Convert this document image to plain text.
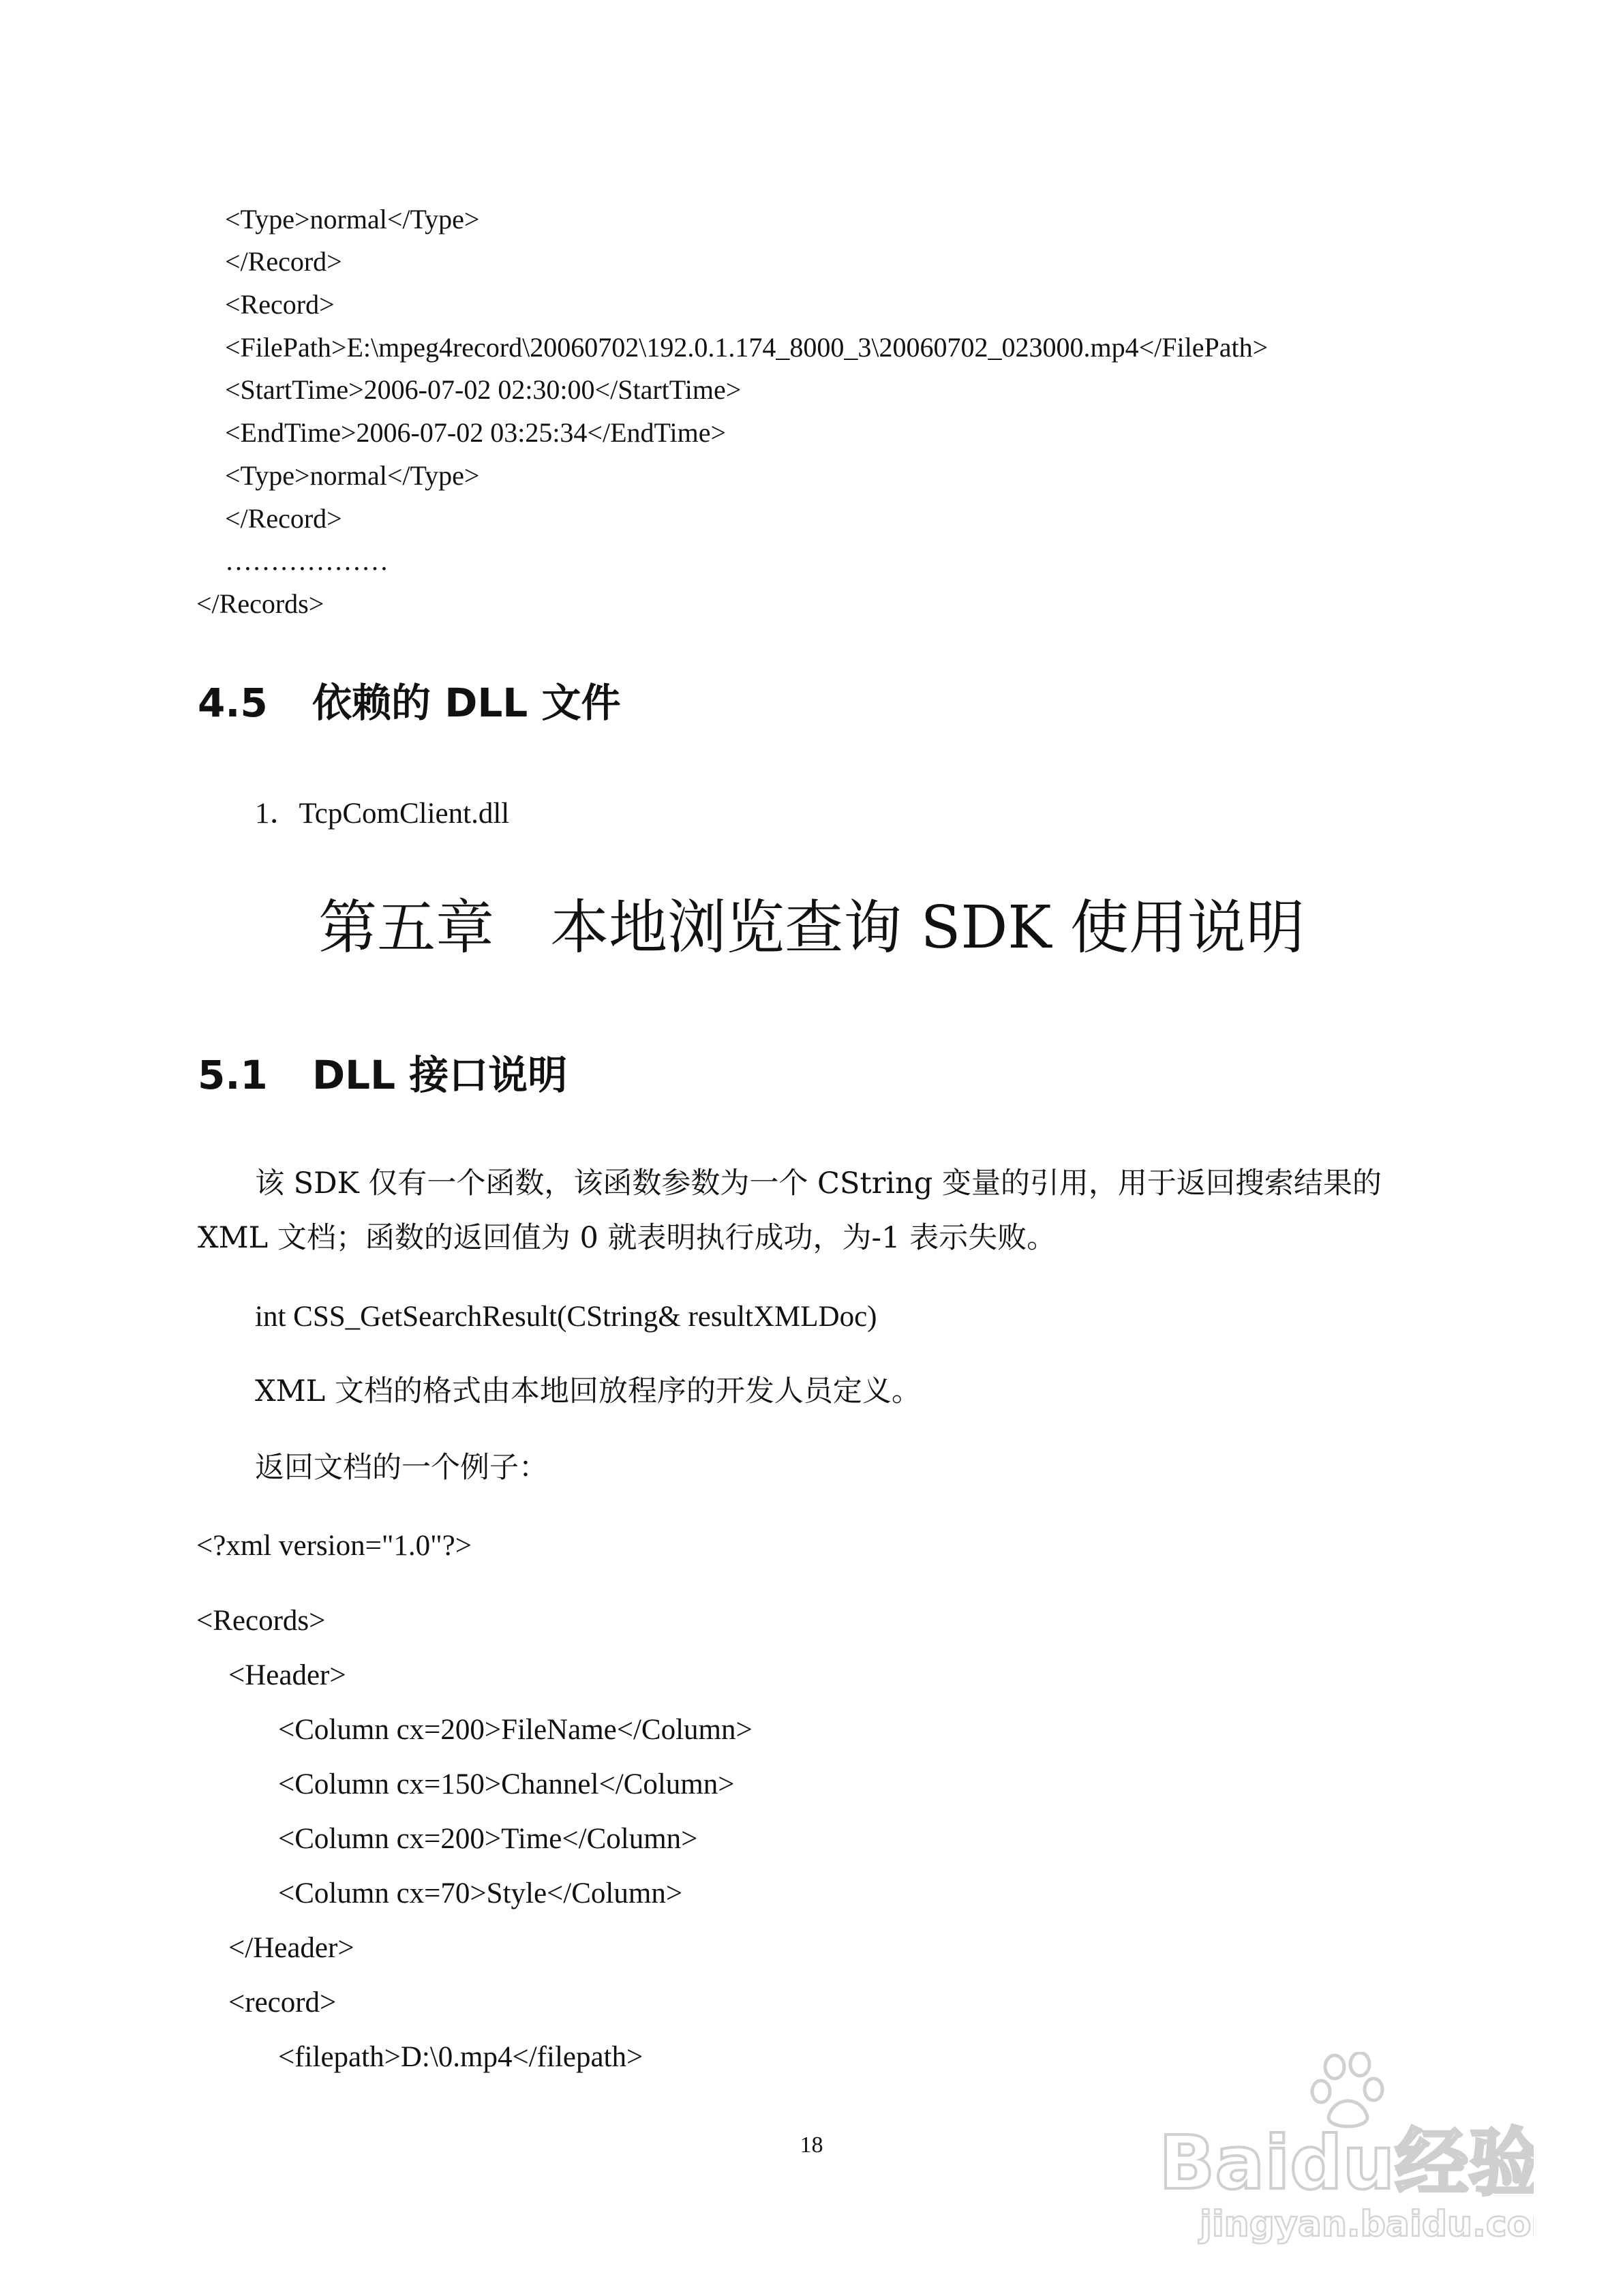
<Type>normal</Type>
</Record>
<Record>
<FilePath>E:\mpeg4record\20060702\192.0.1.174_8000_3\20060702_023000.mp4</FilePath>
<StartTime>2006-07-02 02:30:00</StartTime>
<EndTime>2006-07-02 03:25:34</EndTime>
<Type>normal</Type>
</Record>
………………
</Records>
4.5 依赖的 DLL 文件
1．TcpComClient.dll
第五章   本地浏览查询 SDK 使用说明
5.1 DLL 接口说明
该 SDK 仅有一个函数，该函数参数为一个 CString 变量的引用，用于返回搜索结果的
XML 文档；函数的返回值为 0 就表明执行成功，为-1 表示失败。
int CSS_GetSearchResult(CString& resultXMLDoc)
XML 文档的格式由本地回放程序的开发人员定义。
返回文档的一个例子：
<?xml version="1.0"?>
<Records>
<Header>
<Column cx=200>FileName</Column>
<Column cx=150>Channel</Column>
<Column cx=200>Time</Column>
<Column cx=70>Style</Column>
</Header>
<record>
<filepath>D:\0.mp4</filepath>
18	Baidu经验
jingyan.baidu.com
